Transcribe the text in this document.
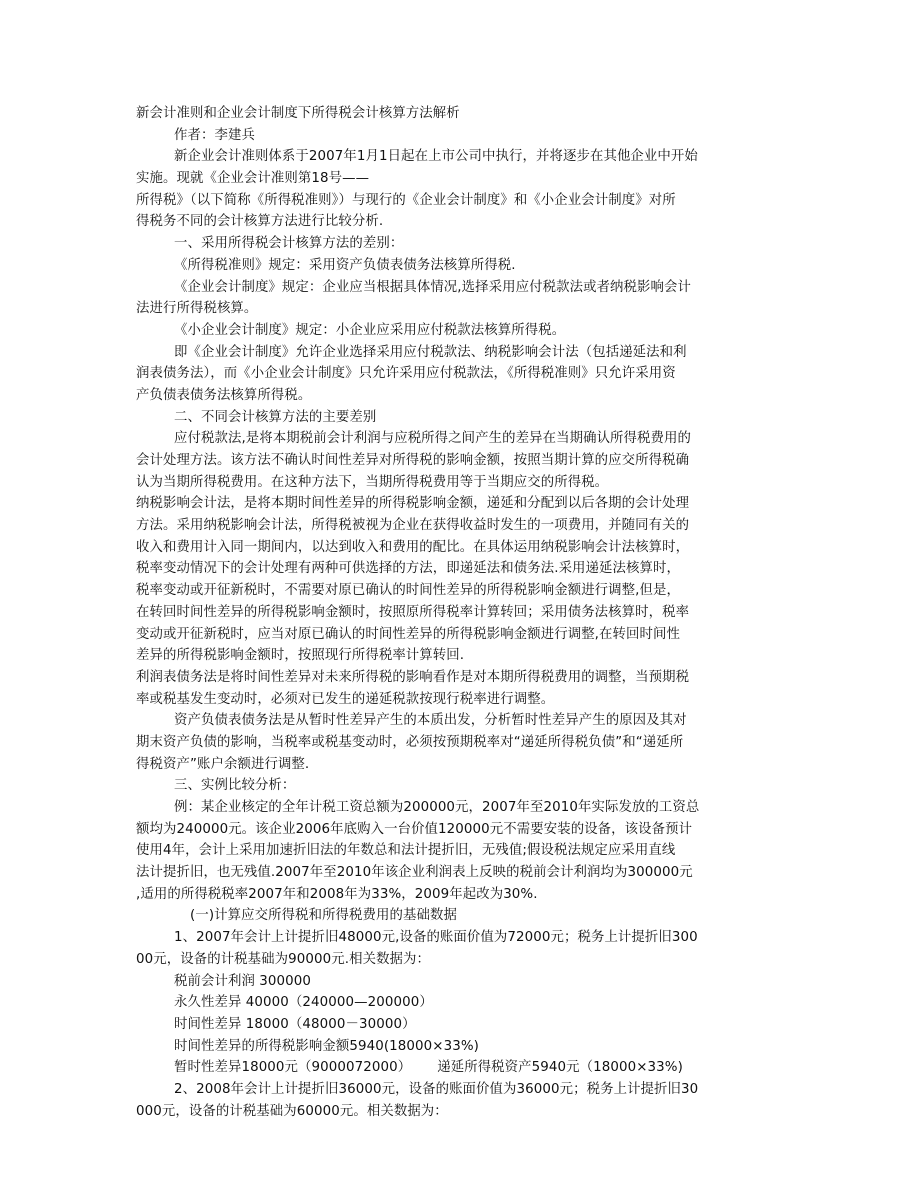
新会计准则和企业会计制度下所得税会计核算方法解析
作者：李建兵
新企业会计准则体系于2007年1月1日起在上市公司中执行，并将逐步在其他企业中开始
实施。现就《企业会计准则第18号——
所得税》（以下简称《所得税准则》）与现行的《企业会计制度》和《小企业会计制度》对所
得税务不同的会计核算方法进行比较分析.
一、采用所得税会计核算方法的差别：
《所得税准则》规定：采用资产负债表债务法核算所得税.
《企业会计制度》规定：企业应当根据具体情况,选择采用应付税款法或者纳税影响会计
法进行所得税核算。
《小企业会计制度》规定：小企业应采用应付税款法核算所得税。
即《企业会计制度》允许企业选择采用应付税款法、纳税影响会计法（包括递延法和利
润表债务法），而《小企业会计制度》只允许采用应付税款法，《所得税准则》只允许采用资
产负债表债务法核算所得税。
二、不同会计核算方法的主要差别
应付税款法,是将本期税前会计利润与应税所得之间产生的差异在当期确认所得税费用的
会计处理方法。该方法不确认时间性差异对所得税的影响金额，按照当期计算的应交所得税确
认为当期所得税费用。在这种方法下，当期所得税费用等于当期应交的所得税。
纳税影响会计法，是将本期时间性差异的所得税影响金额，递延和分配到以后各期的会计处理
方法。采用纳税影响会计法，所得税被视为企业在获得收益时发生的一项费用，并随同有关的
收入和费用计入同一期间内，以达到收入和费用的配比。在具体运用纳税影响会计法核算时，
税率变动情况下的会计处理有两种可供选择的方法，即递延法和债务法.采用递延法核算时，
税率变动或开征新税时，不需要对原已确认的时间性差异的所得税影响金额进行调整,但是，
在转回时间性差异的所得税影响金额时，按照原所得税率计算转回；采用债务法核算时，税率
变动或开征新税时，应当对原已确认的时间性差异的所得税影响金额进行调整,在转回时间性
差异的所得税影响金额时，按照现行所得税率计算转回.
利润表债务法是将时间性差异对未来所得税的影响看作是对本期所得税费用的调整，当预期税
率或税基发生变动时，必须对已发生的递延税款按现行税率进行调整。
资产负债表债务法是从暂时性差异产生的本质出发，分析暂时性差异产生的原因及其对
期末资产负债的影响，当税率或税基变动时，必须按预期税率对“递延所得税负债”和“递延所
得税资产”账户余额进行调整.
三、实例比较分析：
例：某企业核定的全年计税工资总额为200000元，2007年至2010年实际发放的工资总
额均为240000元。该企业2006年底购入一台价值120000元不需要安装的设备，该设备预计
使用4年，会计上采用加速折旧法的年数总和法计提折旧，无残值;假设税法规定应采用直线
法计提折旧，也无残值.2007年至2010年该企业利润表上反映的税前会计利润均为300000元
,适用的所得税税率2007年和2008年为33%，2009年起改为30%.
(一)计算应交所得税和所得税费用的基础数据
1、2007年会计上计提折旧48000元,设备的账面价值为72000元；税务上计提折旧300
00元，设备的计税基础为90000元.相关数据为：
税前会计利润 300000
永久性差异 40000（240000—200000）
时间性差异 18000（48000－30000）
时间性差异的所得税影响金额5940(18000×33%)
暂时性差异18000元（9000072000） 递延所得税资产5940元（18000×33%)
2、2008年会计上计提折旧36000元，设备的账面价值为36000元；税务上计提折旧30
000元，设备的计税基础为60000元。相关数据为：
